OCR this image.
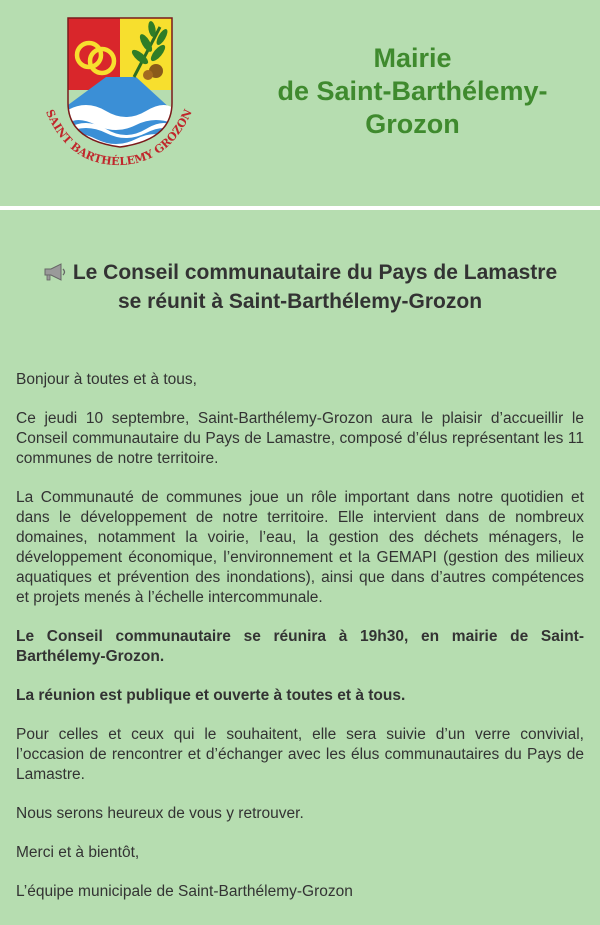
SAINT BARTHÉLEMY GROZON
Mairie
de Saint-Barthélemy-
Grozon
Le Conseil communautaire du Pays de Lamastre
se réunit à Saint-Barthélemy-Grozon

Bonjour à toutes et à tous,

Ce jeudi 10 septembre, Saint-Barthélemy-Grozon aura le plaisir d’accueillir le Conseil communautaire du Pays de Lamastre, composé d’élus représentant les 11 communes de notre territoire.

La Communauté de communes joue un rôle important dans notre quotidien et dans le développement de notre territoire. Elle intervient dans de nombreux domaines, notamment la voirie, l’eau, la gestion des déchets ménagers, le développement économique, l’environnement et la GEMAPI (gestion des milieux aquatiques et prévention des inondations), ainsi que dans d’autres compétences et projets menés à l’échelle intercommunale.

Le Conseil communautaire se réunira à 19h30, en mairie de Saint-Barthélemy-Grozon.

La réunion est publique et ouverte à toutes et à tous.

Pour celles et ceux qui le souhaitent, elle sera suivie d’un verre convivial, l’occasion de rencontrer et d’échanger avec les élus communautaires du Pays de Lamastre.

Nous serons heureux de vous y retrouver.

Merci et à bientôt,

L’équipe municipale de Saint-Barthélemy-Grozon
